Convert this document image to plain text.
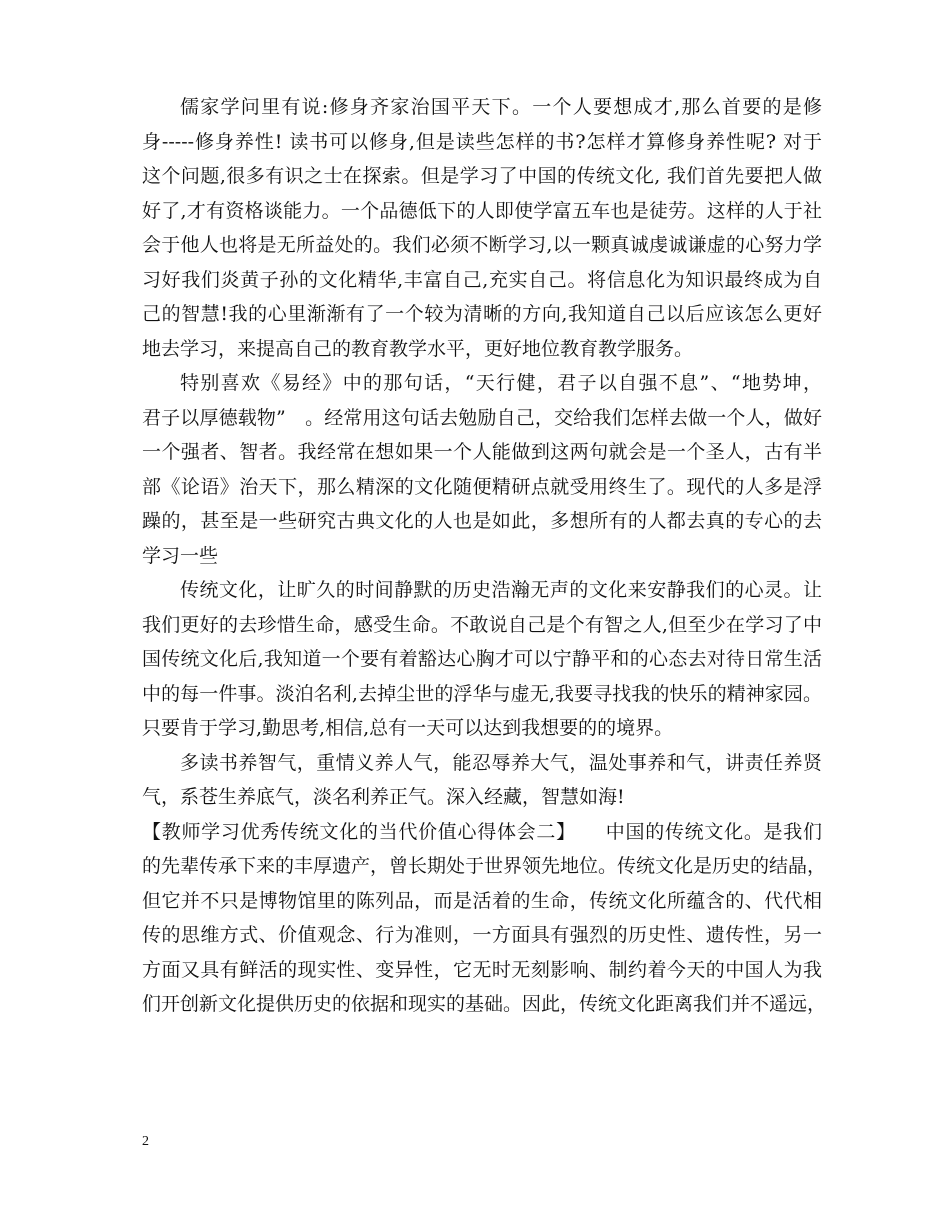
儒家学问里有说:修身齐家治国平天下。一个人要想成才,那么首要的是修
身-----修身养性! 读书可以修身,但是读些怎样的书?怎样才算修身养性呢? 对于
这个问题,很多有识之士在探索。但是学习了中国的传统文化, 我们首先要把人做
好了,才有资格谈能力。一个品德低下的人即使学富五车也是徒劳。这样的人于社
会于他人也将是无所益处的。我们必须不断学习,以一颗真诚虔诚谦虚的心努力学
习好我们炎黄子孙的文化精华,丰富自己,充实自己。将信息化为知识最终成为自
己的智慧!我的心里渐渐有了一个较为清晰的方向,我知道自己以后应该怎么更好
地去学习，来提高自己的教育教学水平，更好地位教育教学服务。
特别喜欢《易经》中的那句话，“天行健，君子以自强不息”、“地势坤，
君子以厚德载物”　。经常用这句话去勉励自己，交给我们怎样去做一个人，做好
一个强者、智者。我经常在想如果一个人能做到这两句就会是一个圣人，古有半
部《论语》治天下，那么精深的文化随便精研点就受用终生了。现代的人多是浮
躁的，甚至是一些研究古典文化的人也是如此，多想所有的人都去真的专心的去
学习一些
传统文化，让旷久的时间静默的历史浩瀚无声的文化来安静我们的心灵。让
我们更好的去珍惜生命，感受生命。不敢说自己是个有智之人,但至少在学习了中
国传统文化后,我知道一个要有着豁达心胸才可以宁静平和的心态去对待日常生活
中的每一件事。淡泊名利,去掉尘世的浮华与虚无,我要寻找我的快乐的精神家园。
只要肯于学习,勤思考,相信,总有一天可以达到我想要的的境界。
多读书养智气，重情义养人气，能忍辱养大气，温处事养和气，讲责任养贤
气，系苍生养底气，淡名利养正气。深入经藏，智慧如海!
【教师学习优秀传统文化的当代价值心得体会二】　　中国的传统文化。是我们
的先辈传承下来的丰厚遗产，曾长期处于世界领先地位。传统文化是历史的结晶，
但它并不只是博物馆里的陈列品，而是活着的生命，传统文化所蕴含的、代代相
传的思维方式、价值观念、行为准则，一方面具有强烈的历史性、遗传性，另一
方面又具有鲜活的现实性、变异性，它无时无刻影响、制约着今天的中国人为我
们开创新文化提供历史的依据和现实的基础。因此，传统文化距离我们并不遥远，
2
